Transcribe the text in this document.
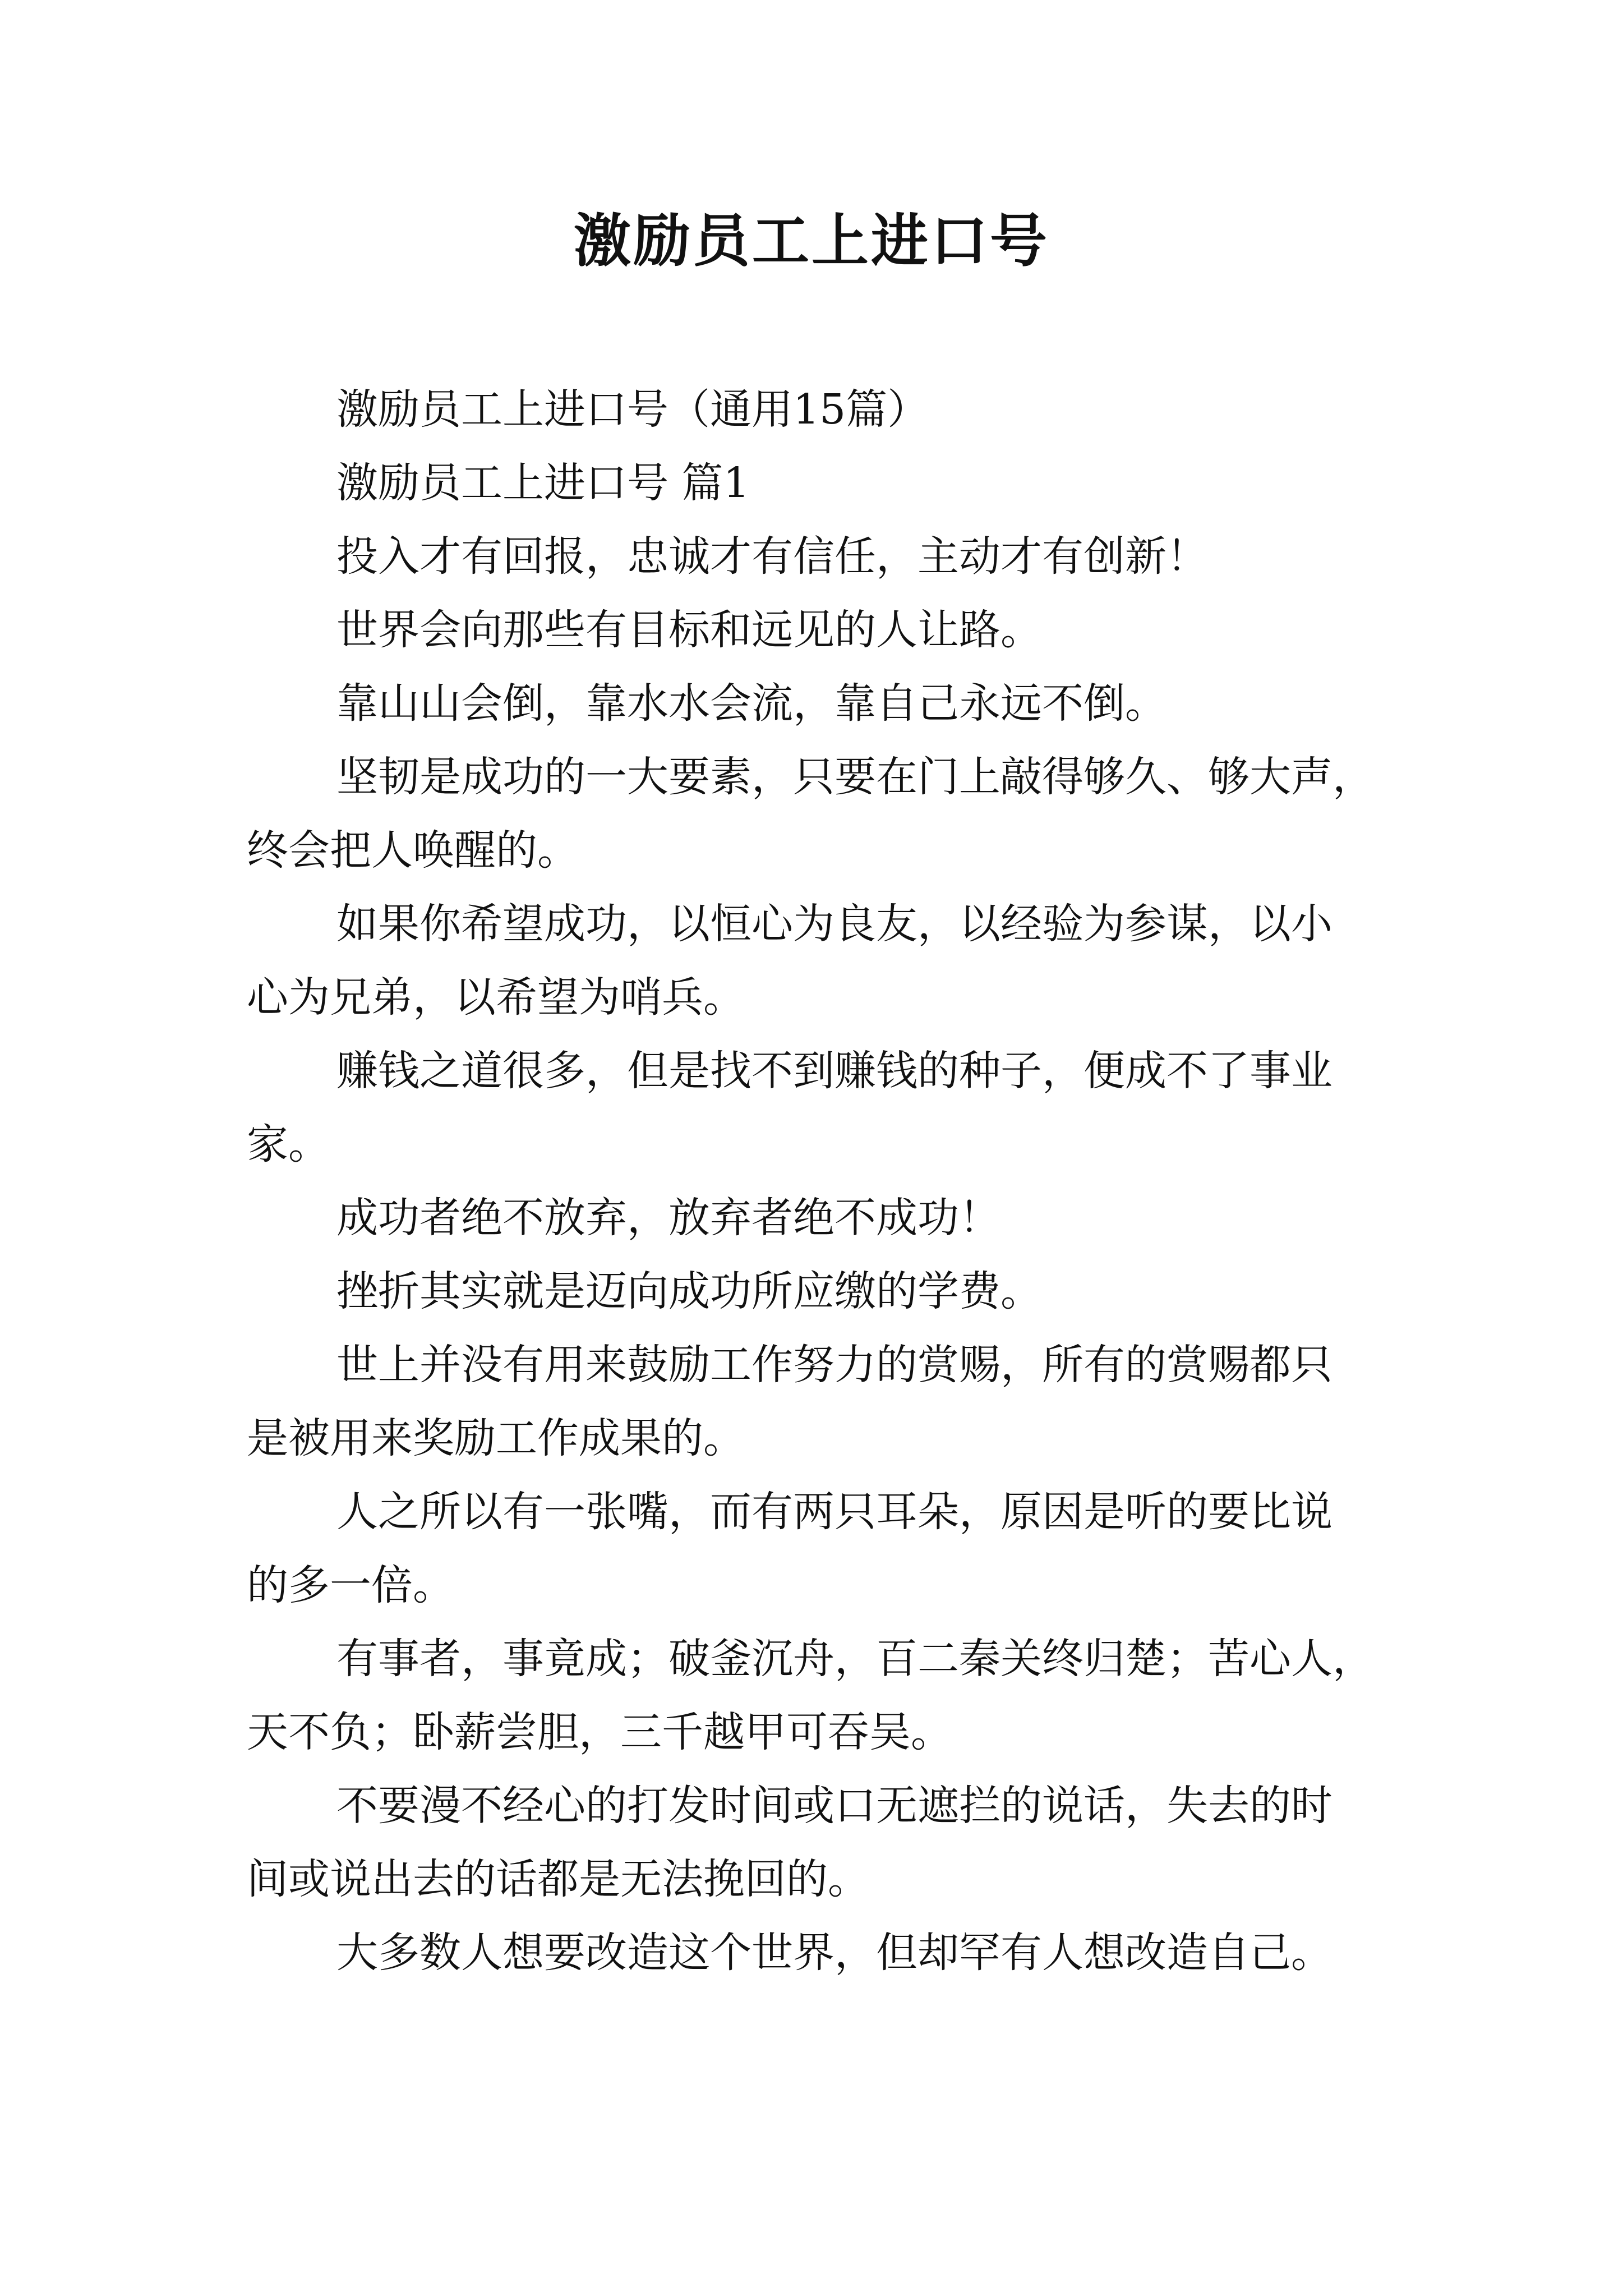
激励员工上进口号

激励员工上进口号（通用15篇）

激励员工上进口号 篇1

投入才有回报，忠诚才有信任，主动才有创新！

世界会向那些有目标和远见的人让路。

靠山山会倒，靠水水会流，靠自己永远不倒。

坚韧是成功的一大要素，只要在门上敲得够久、够大声，
终会把人唤醒的。

如果你希望成功，以恒心为良友，以经验为参谋，以小
心为兄弟，以希望为哨兵。

赚钱之道很多，但是找不到赚钱的种子，便成不了事业
家。

成功者绝不放弃，放弃者绝不成功！

挫折其实就是迈向成功所应缴的学费。

世上并没有用来鼓励工作努力的赏赐，所有的赏赐都只
是被用来奖励工作成果的。

人之所以有一张嘴，而有两只耳朵，原因是听的要比说
的多一倍。

有事者，事竟成；破釜沉舟，百二秦关终归楚；苦心人，
天不负；卧薪尝胆，三千越甲可吞吴。

不要漫不经心的打发时间或口无遮拦的说话，失去的时
间或说出去的话都是无法挽回的。

大多数人想要改造这个世界，但却罕有人想改造自己。
